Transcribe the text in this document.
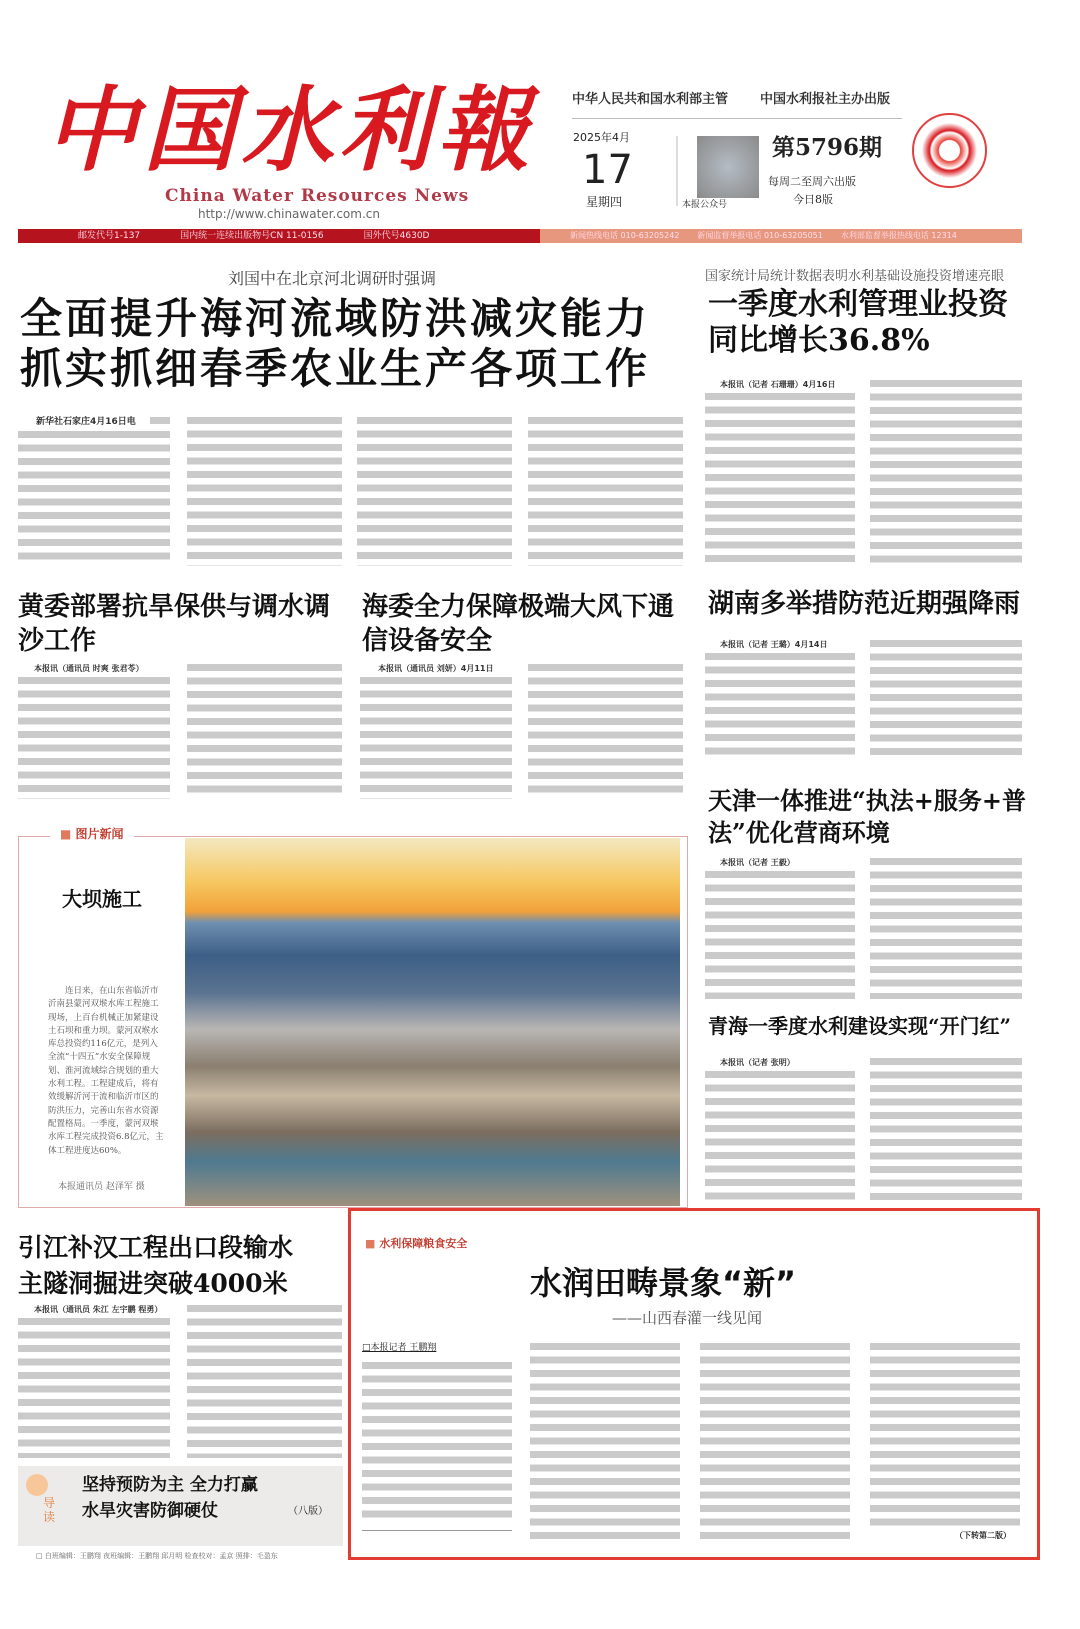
中国水利報
China Water Resources News
http://www.chinawater.com.cn
中华人民共和国水利部主管 中国水利报社主办出版
2025年4月
17
星期四	本报公众号
第5796期
每周二至周六出版
今日8版
邮发代号1-137	国内统一连续出版物号CN 11-0156	国外代号4630D	新闻热线电话 010-63205242 新闻监督举报电话 010-63205051 水利部监督举报热线电话 12314
刘国中在北京河北调研时强调
全面提升海河流域防洪减灾能力
抓实抓细春季农业生产各项工作
新华社石家庄4月16日电
国家统计局统计数据表明水利基础设施投资增速亮眼
一季度水利管理业投资
同比增长36.8%
本报讯（记者 石珊珊）4月16日
黄委部署抗旱保供与调水调沙工作
本报讯（通讯员 时爽 张君苓）
海委全力保障极端大风下通信设备安全
本报讯（通讯员 刘妍）4月11日
湖南多举措防范近期强降雨
本报讯（记者 王璐）4月14日
天津一体推进“执法+服务+普法”优化营商环境
本报讯（记者 王毅）
青海一季度水利建设实现“开门红”
本报讯（记者 张明）
■ 图片新闻
大坝施工
连日来，在山东省临沂市沂南县蒙河双堠水库工程施工现场，上百台机械正加紧建设土石坝和重力坝。蒙河双堠水库总投资约116亿元，是列入全流“十四五”水安全保障规划、淮河流域综合规划的重大水利工程。工程建成后，将有效缓解沂河干流和临沂市区的防洪压力，完善山东省水资源配置格局。一季度，蒙河双堠水库工程完成投资6.8亿元，主体工程进度达60%。
本报通讯员 赵泽军 摄
引江补汉工程出口段输水
主隧洞掘进突破4000米
本报讯（通讯员 朱江 左宇鹏 程勇）
导读
坚持预防为主 全力打赢
水旱灾害防御硬仗	（八版）
□ 白班编辑：王鹏翔 夜班编辑：王鹏翔 邱月明 检查校对：孟京 照排：毛盈东
■ 水利保障粮食安全
水润田畴景象“新”
——山西春灌一线见闻
□本报记者 王鹏翔
（下转第二版）
